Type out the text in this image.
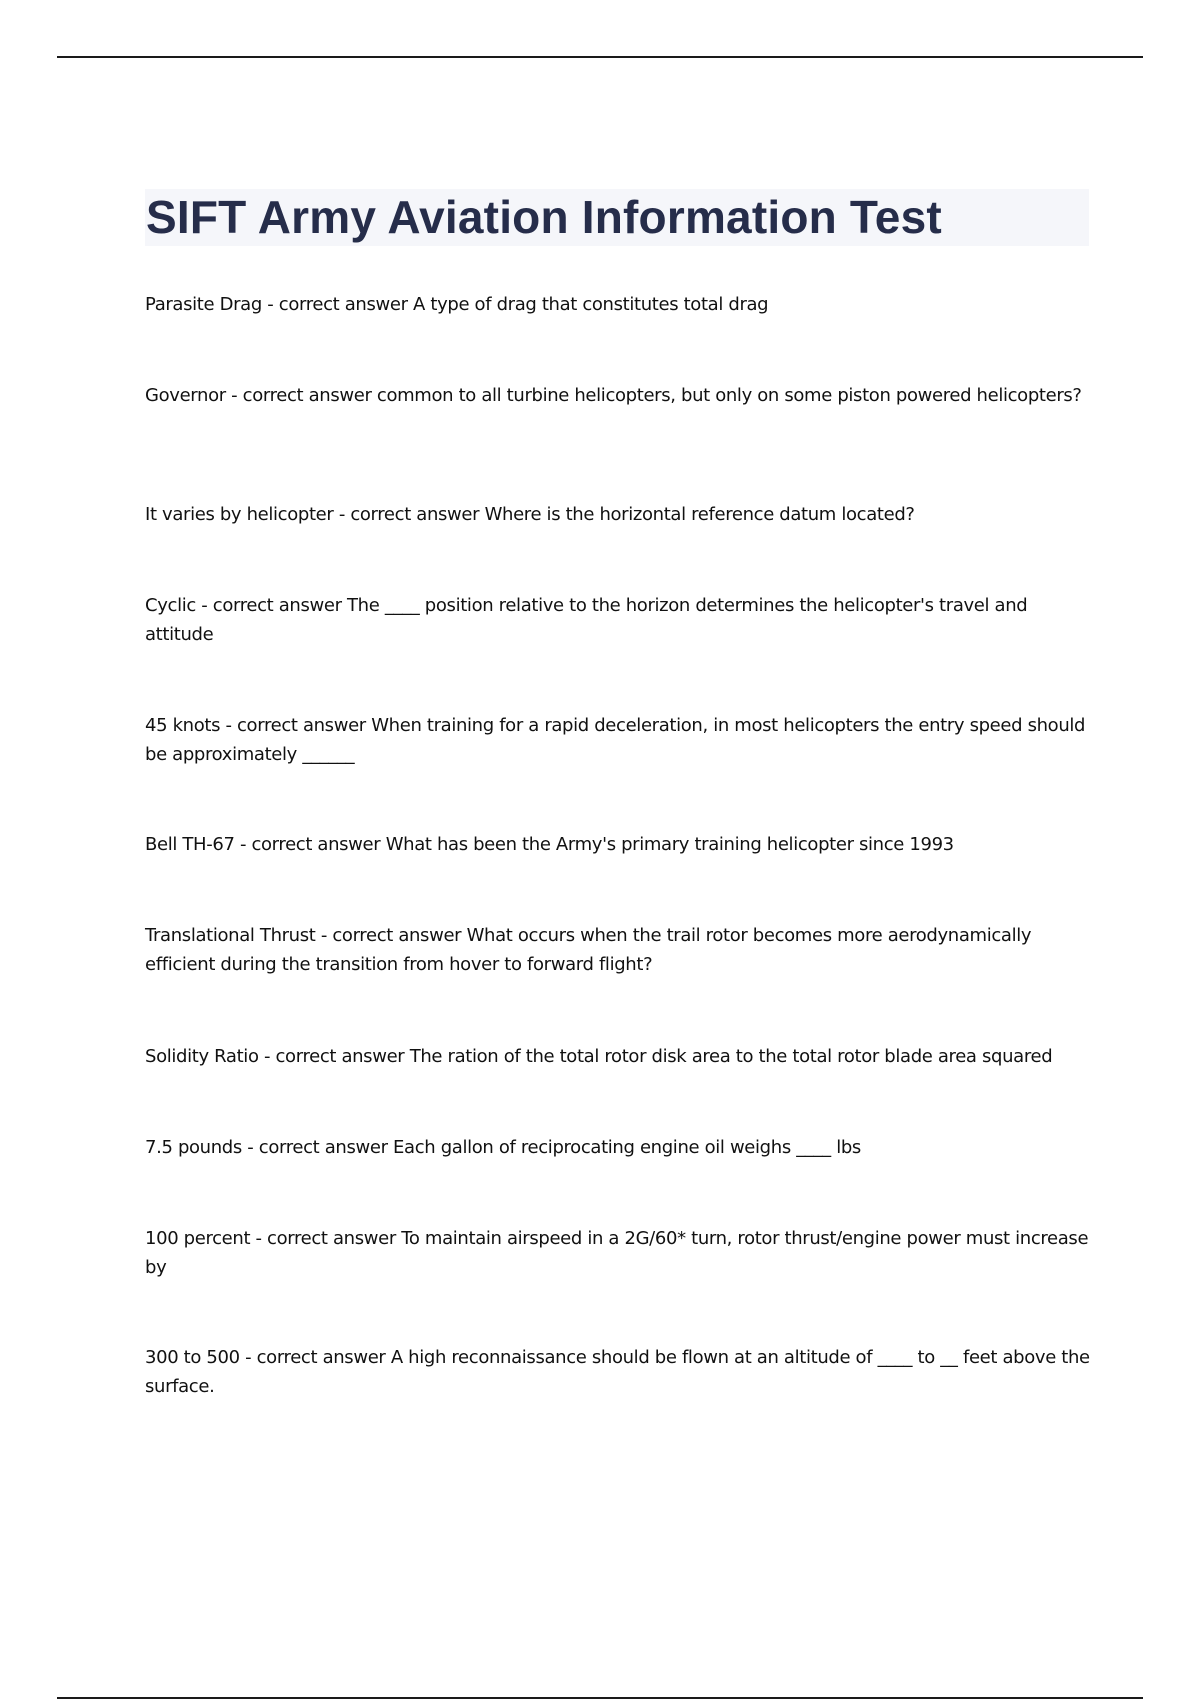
SIFT Army Aviation Information Test
Parasite Drag - correct answer A type of drag that constitutes total drag
Governor - correct answer common to all turbine helicopters, but only on some piston powered helicopters?
It varies by helicopter - correct answer Where is the horizontal reference datum located?
Cyclic - correct answer The ____ position relative to the horizon determines the helicopter's travel and attitude
45 knots - correct answer When training for a rapid deceleration, in most helicopters the entry speed should be approximately ______
Bell TH-67 - correct answer What has been the Army's primary training helicopter since 1993
Translational Thrust - correct answer What occurs when the trail rotor becomes more aerodynamically efficient during the transition from hover to forward flight?
Solidity Ratio - correct answer The ration of the total rotor disk area to the total rotor blade area squared
7.5 pounds - correct answer Each gallon of reciprocating engine oil weighs ____ lbs
100 percent - correct answer To maintain airspeed in a 2G/60* turn, rotor thrust/engine power must increase by
300 to 500 - correct answer A high reconnaissance should be flown at an altitude of ____ to __ feet above the surface.
